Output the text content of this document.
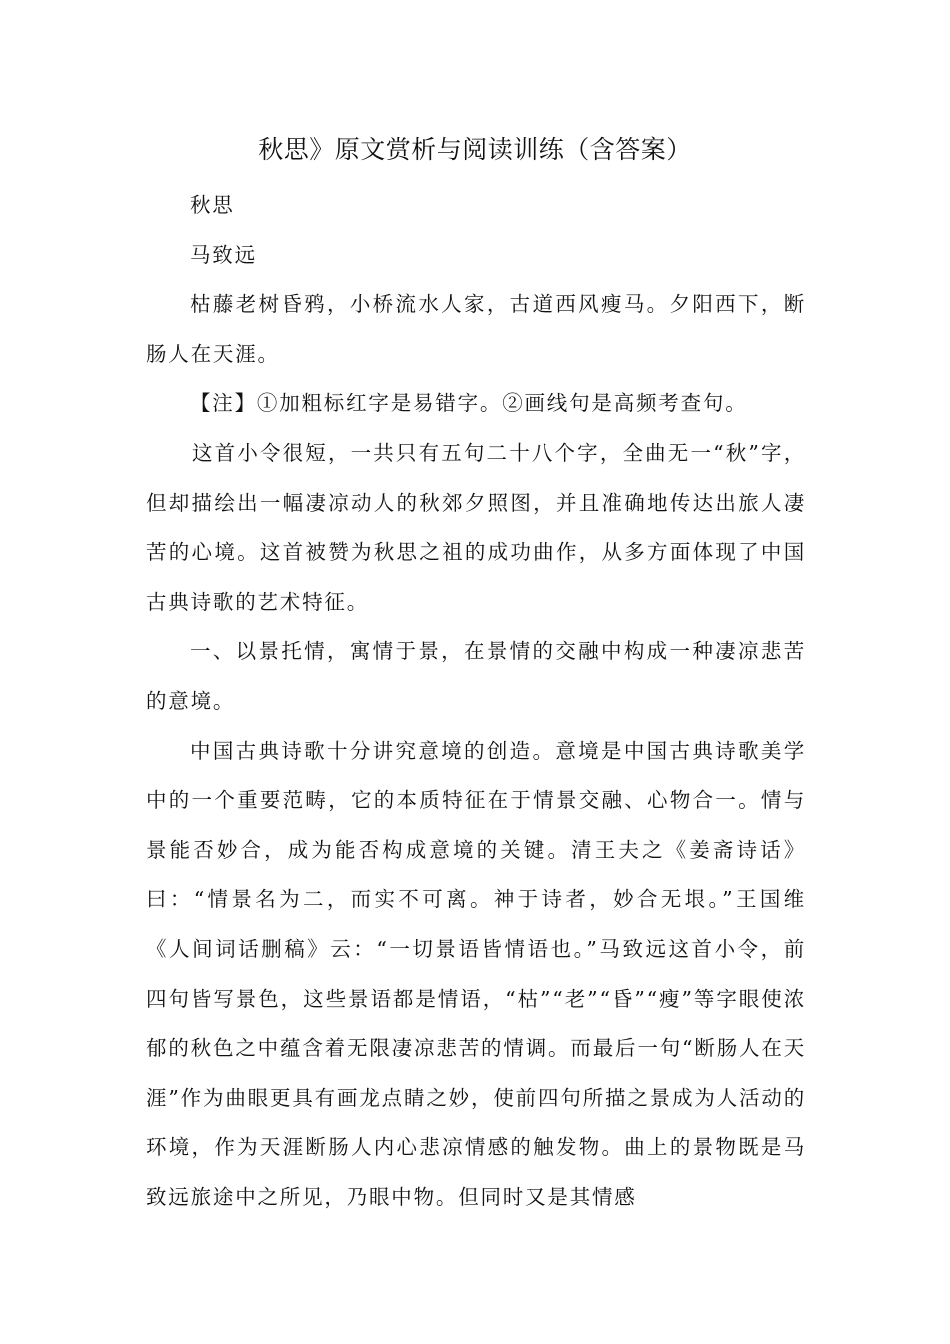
秋思》原文赏析与阅读训练（含答案）

秋思

马致远

枯藤老树昏鸦，小桥流水人家，古道西风瘦马。夕阳西下，断肠人在天涯。

【注】①加粗标红字是易错字。②画线句是高频考查句。

这首小令很短，一共只有五句二十八个字，全曲无一“秋”字，但却描绘出一幅凄凉动人的秋郊夕照图，并且准确地传达出旅人凄苦的心境。这首被赞为秋思之祖的成功曲作，从多方面体现了中国古典诗歌的艺术特征。

一、以景托情，寓情于景，在景情的交融中构成一种凄凉悲苦的意境。

中国古典诗歌十分讲究意境的创造。意境是中国古典诗歌美学中的一个重要范畴，它的本质特征在于情景交融、心物合一。情与景能否妙合，成为能否构成意境的关键。清王夫之《姜斋诗话》曰：“情景名为二，而实不可离。神于诗者，妙合无垠。”王国维《人间词话删稿》云：“一切景语皆情语也。”马致远这首小令，前四句皆写景色，这些景语都是情语，“枯”“老”“昏”“瘦”等字眼使浓郁的秋色之中蕴含着无限凄凉悲苦的情调。而最后一句“断肠人在天涯”作为曲眼更具有画龙点睛之妙，使前四句所描之景成为人活动的环境，作为天涯断肠人内心悲凉情感的触发物。曲上的景物既是马致远旅途中之所见，乃眼中物。但同时又是其情感
